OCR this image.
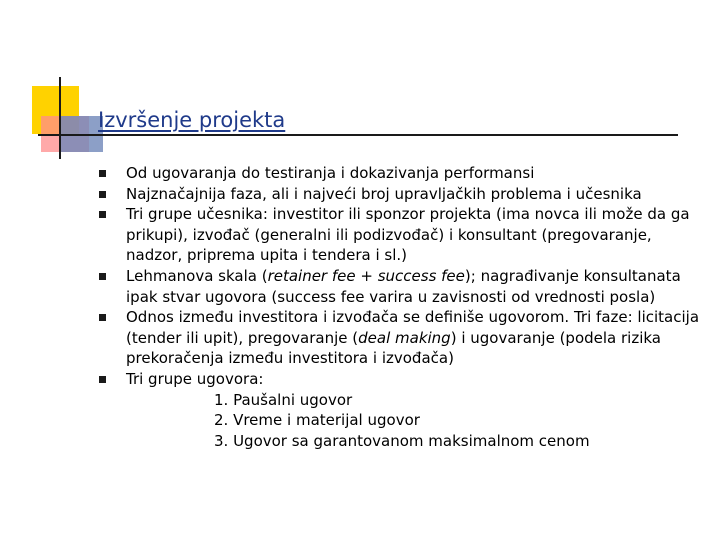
Izvršenje projekta
Od ugovaranja do testiranja i dokazivanja performansi
Najznačajnija faza, ali i najveći broj upravljačkih problema i učesnika
Tri grupe učesnika: investitor ili sponzor projekta (ima novca ili može da ga prikupi), izvođač (generalni ili podizvođač) i konsultant (pregovaranje, nadzor, priprema upita i tendera i sl.)
Lehmanova skala (retainer fee + success fee); nagrađivanje konsultanata ipak stvar ugovora (success fee varira u zavisnosti od vrednosti posla)
Odnos između investitora i izvođača se definiše ugovorom. Tri faze: licitacija (tender ili upit), pregovaranje (deal making) i ugovaranje (podela rizika prekoračenja između investitora i izvođača)
Tri grupe ugovora:
1. Paušalni ugovor
2. Vreme i materijal ugovor
3. Ugovor sa garantovanom maksimalnom cenom
